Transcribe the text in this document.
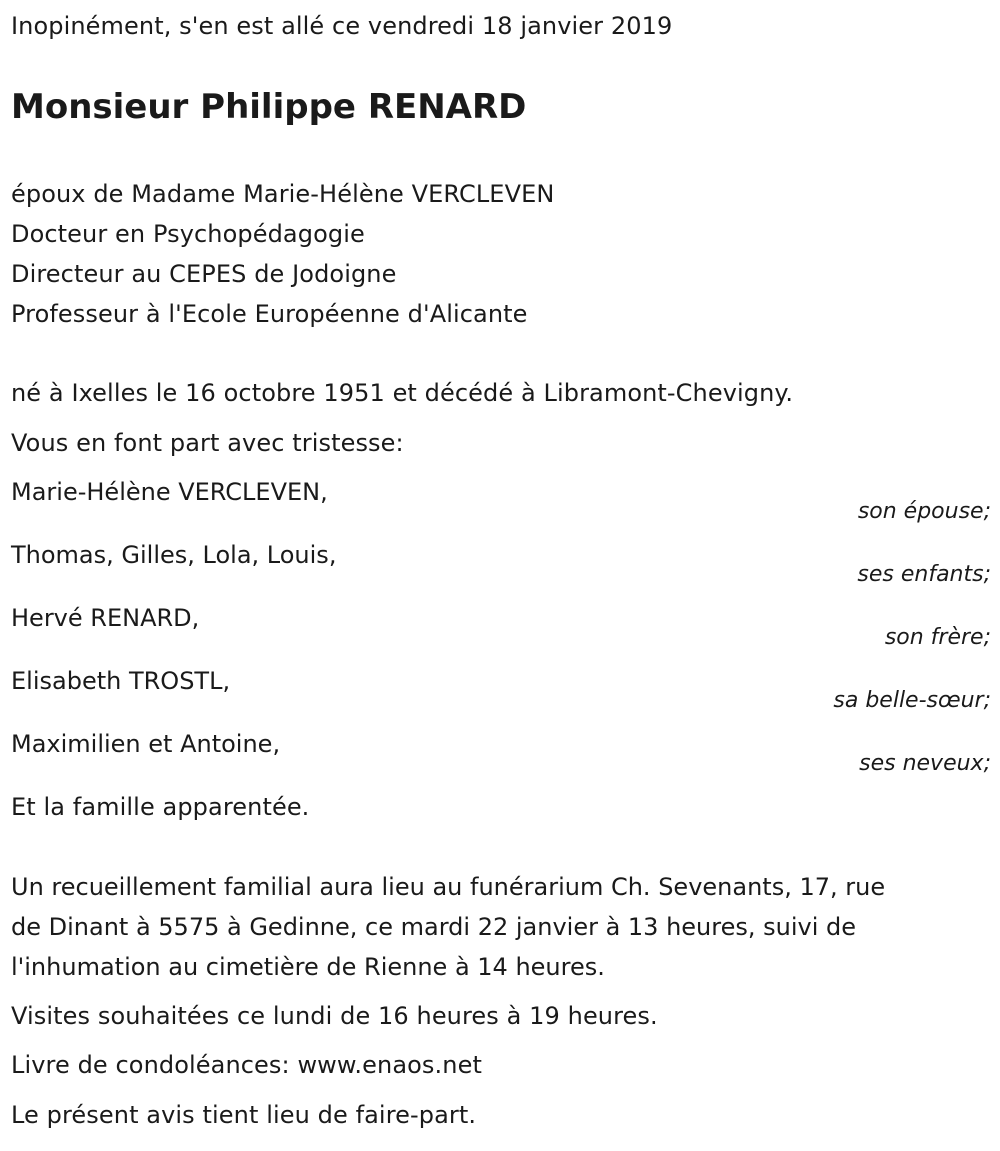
Inopinément, s'en est allé ce vendredi 18 janvier 2019
Monsieur Philippe RENARD
époux de Madame Marie-Hélène VERCLEVEN
Docteur en Psychopédagogie
Directeur au CEPES de Jodoigne
Professeur à l'Ecole Européenne d'Alicante
né à Ixelles le 16 octobre 1951 et décédé à Libramont-Chevigny.
Vous en font part avec tristesse:
Marie-Hélène VERCLEVEN,
son épouse;
Thomas, Gilles, Lola, Louis,
ses enfants;
Hervé RENARD,
son frère;
Elisabeth TROSTL,
sa belle-sœur;
Maximilien et Antoine,
ses neveux;
Et la famille apparentée.
Un recueillement familial aura lieu au funérarium Ch. Sevenants, 17, rue
de Dinant à 5575 à Gedinne, ce mardi 22 janvier à 13 heures, suivi de
l'inhumation au cimetière de Rienne à 14 heures.
Visites souhaitées ce lundi de 16 heures à 19 heures.
Livre de condoléances: www.enaos.net
Le présent avis tient lieu de faire-part.
